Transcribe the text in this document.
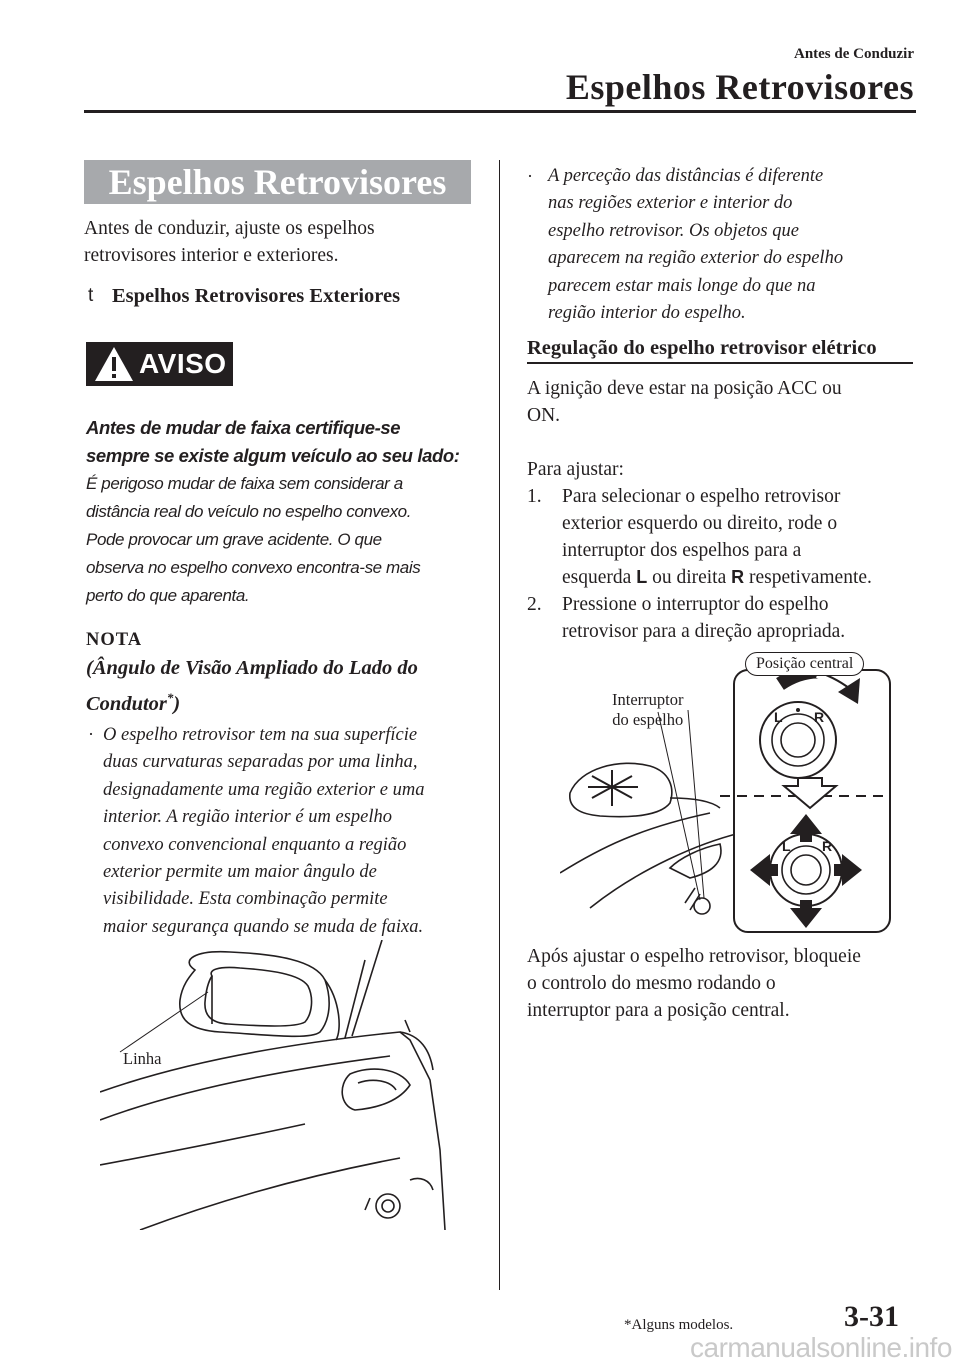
Antes de Conduzir
Espelhos Retrovisores
Espelhos Retrovisores
Antes de conduzir, ajuste os espelhos
retrovisores interior e exteriores.
t Espelhos Retrovisores Exteriores
AVISO
Antes de mudar de faixa certifique-se
sempre se existe algum veículo ao seu lado:
É perigoso mudar de faixa sem considerar a
distância real do veículo no espelho convexo.
Pode provocar um grave acidente. O que
observa no espelho convexo encontra-se mais
perto do que aparenta.
NOTA
(Ângulo de Visão Ampliado do Lado do
Condutor*)
· O espelho retrovisor tem na sua superfície
duas curvaturas separadas por uma linha,
designadamente uma região exterior e uma
interior. A região interior é um espelho
convexo convencional enquanto a região
exterior permite um maior ângulo de
visibilidade. Esta combinação permite
maior segurança quando se muda de faixa.
Linha
· A perceção das distâncias é diferente
nas regiões exterior e interior do
espelho retrovisor. Os objetos que
aparecem na região exterior do espelho
parecem estar mais longe do que na
região interior do espelho.
Regulação do espelho retrovisor elétrico
A ignição deve estar na posição ACC ou
ON.
Para ajustar:
1. Para selecionar o espelho retrovisor
exterior esquerdo ou direito, rode o
interruptor dos espelhos para a
esquerda L ou direita R respetivamente.
2. Pressione o interruptor do espelho
retrovisor para a direção apropriada.
L R
L R
Posição central
Interruptor
do espelho
Após ajustar o espelho retrovisor, bloqueie
o controlo do mesmo rodando o
interruptor para a posição central.
*Alguns modelos.	3-31
carmanualsonline.info
